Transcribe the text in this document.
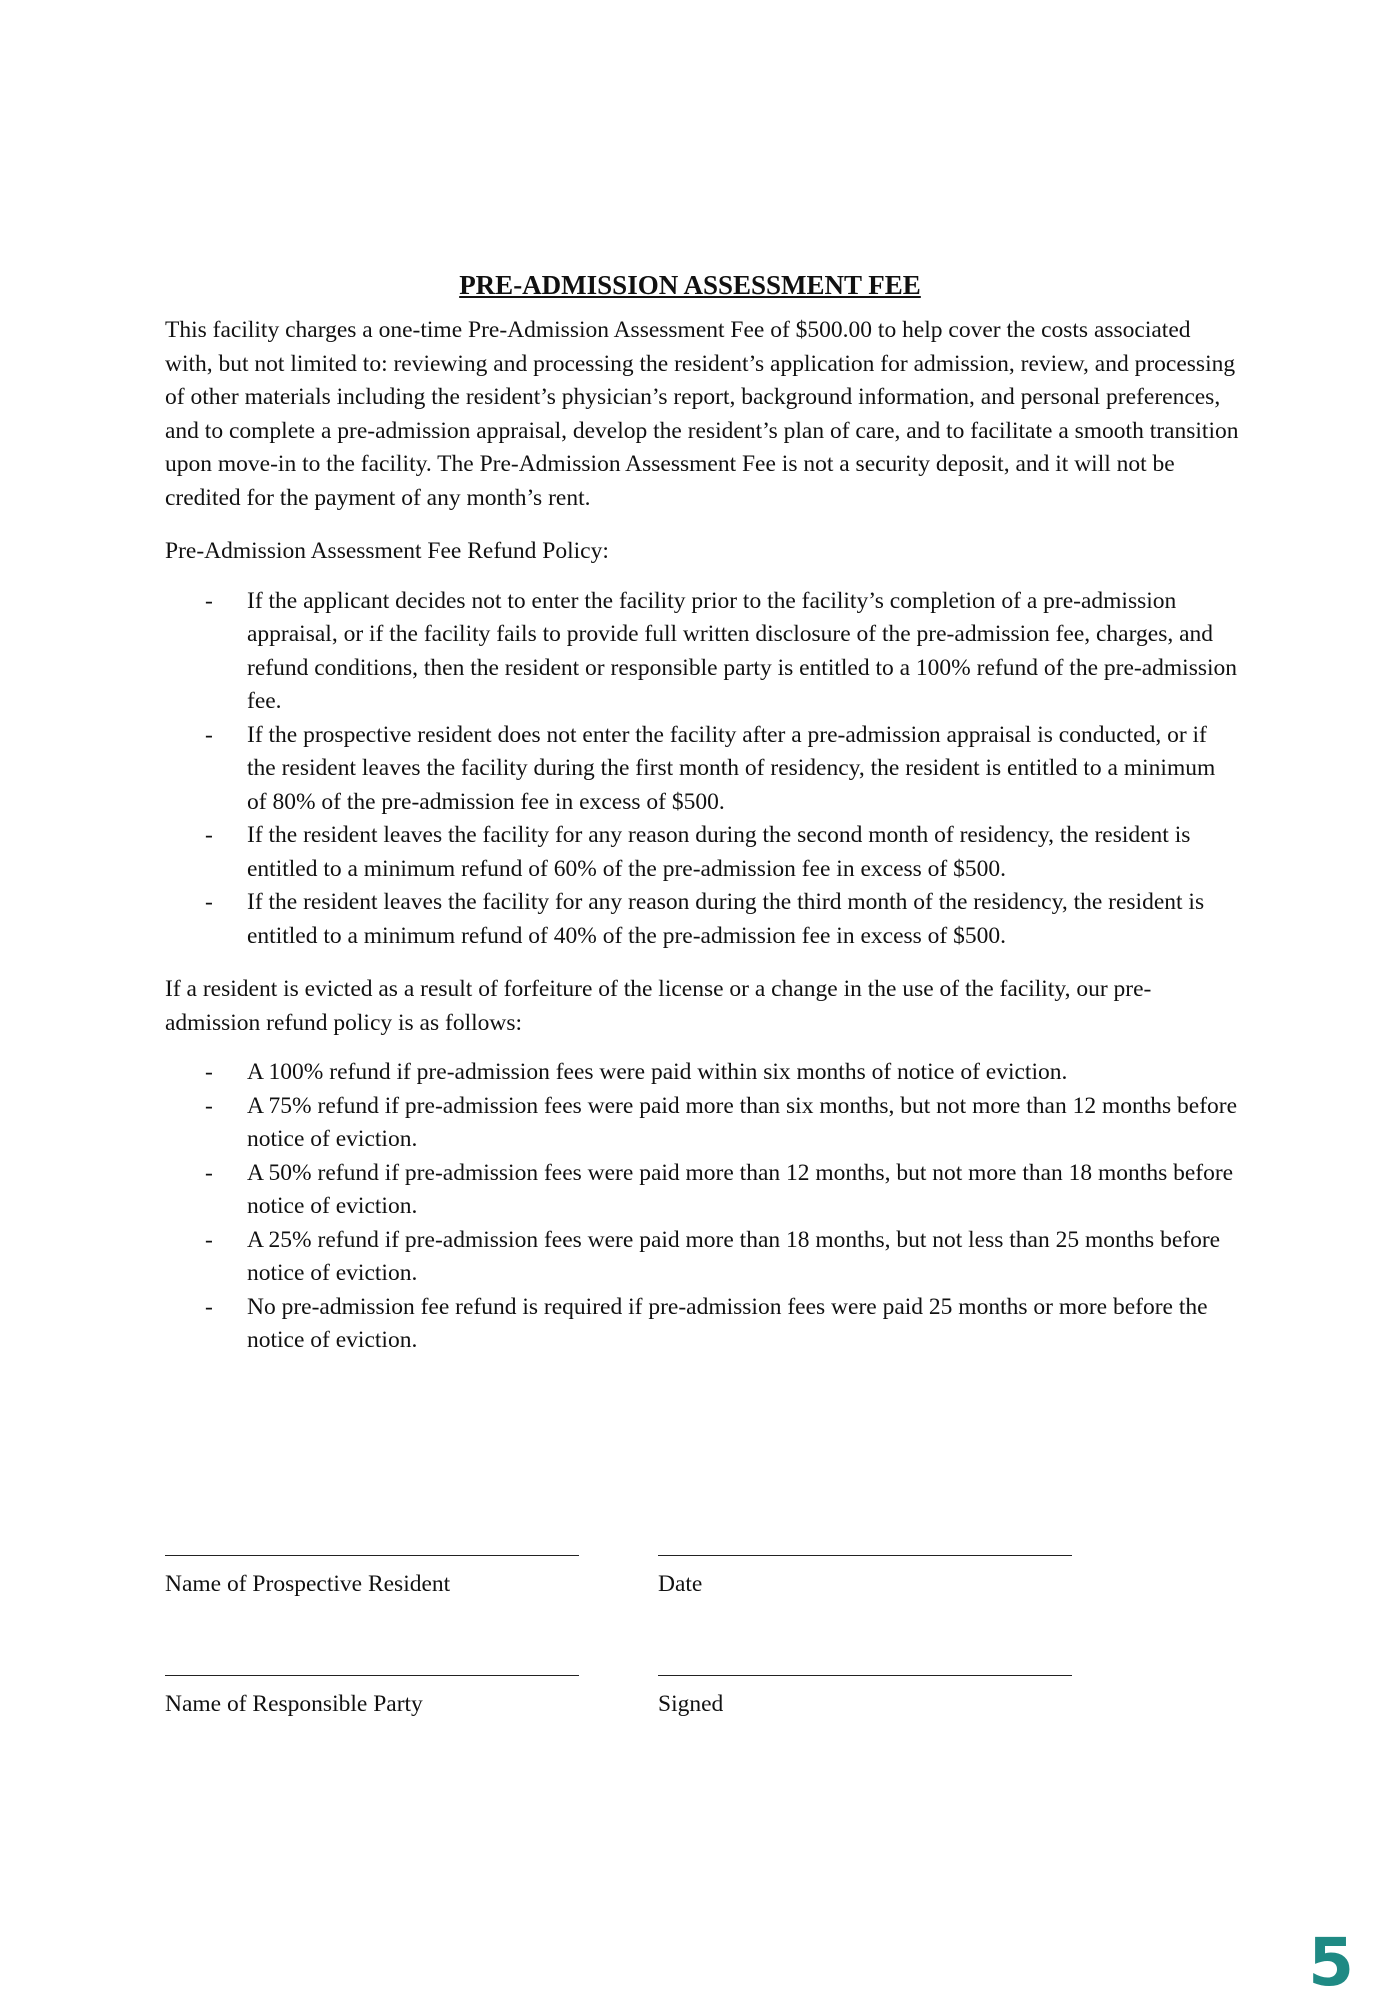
PRE-ADMISSION ASSESSMENT FEE

This facility charges a one-time Pre-Admission Assessment Fee of $500.00 to help cover the costs associated with, but not limited to: reviewing and processing the resident’s application for admission, review, and processing of other materials including the resident’s physician’s report, background information, and personal preferences, and to complete a pre-admission appraisal, develop the resident’s plan of care, and to facilitate a smooth transition upon move-in to the facility. The Pre-Admission Assessment Fee is not a security deposit, and it will not be credited for the payment of any month’s rent.

Pre-Admission Assessment Fee Refund Policy:

- If the applicant decides not to enter the facility prior to the facility’s completion of a pre-admission appraisal, or if the facility fails to provide full written disclosure of the pre-admission fee, charges, and refund conditions, then the resident or responsible party is entitled to a 100% refund of the pre-admission fee.
- If the prospective resident does not enter the facility after a pre-admission appraisal is conducted, or if the resident leaves the facility during the first month of residency, the resident is entitled to a minimum of 80% of the pre-admission fee in excess of $500.
- If the resident leaves the facility for any reason during the second month of residency, the resident is entitled to a minimum refund of 60% of the pre-admission fee in excess of $500.
- If the resident leaves the facility for any reason during the third month of the residency, the resident is entitled to a minimum refund of 40% of the pre-admission fee in excess of $500.

If a resident is evicted as a result of forfeiture of the license or a change in the use of the facility, our pre-admission refund policy is as follows:

- A 100% refund if pre-admission fees were paid within six months of notice of eviction.
- A 75% refund if pre-admission fees were paid more than six months, but not more than 12 months before notice of eviction.
- A 50% refund if pre-admission fees were paid more than 12 months, but not more than 18 months before notice of eviction.
- A 25% refund if pre-admission fees were paid more than 18 months, but not less than 25 months before notice of eviction.
- No pre-admission fee refund is required if pre-admission fees were paid 25 months or more before the notice of eviction.
Name of Prospective Resident	Date
Name of Responsible Party	Signed
5
